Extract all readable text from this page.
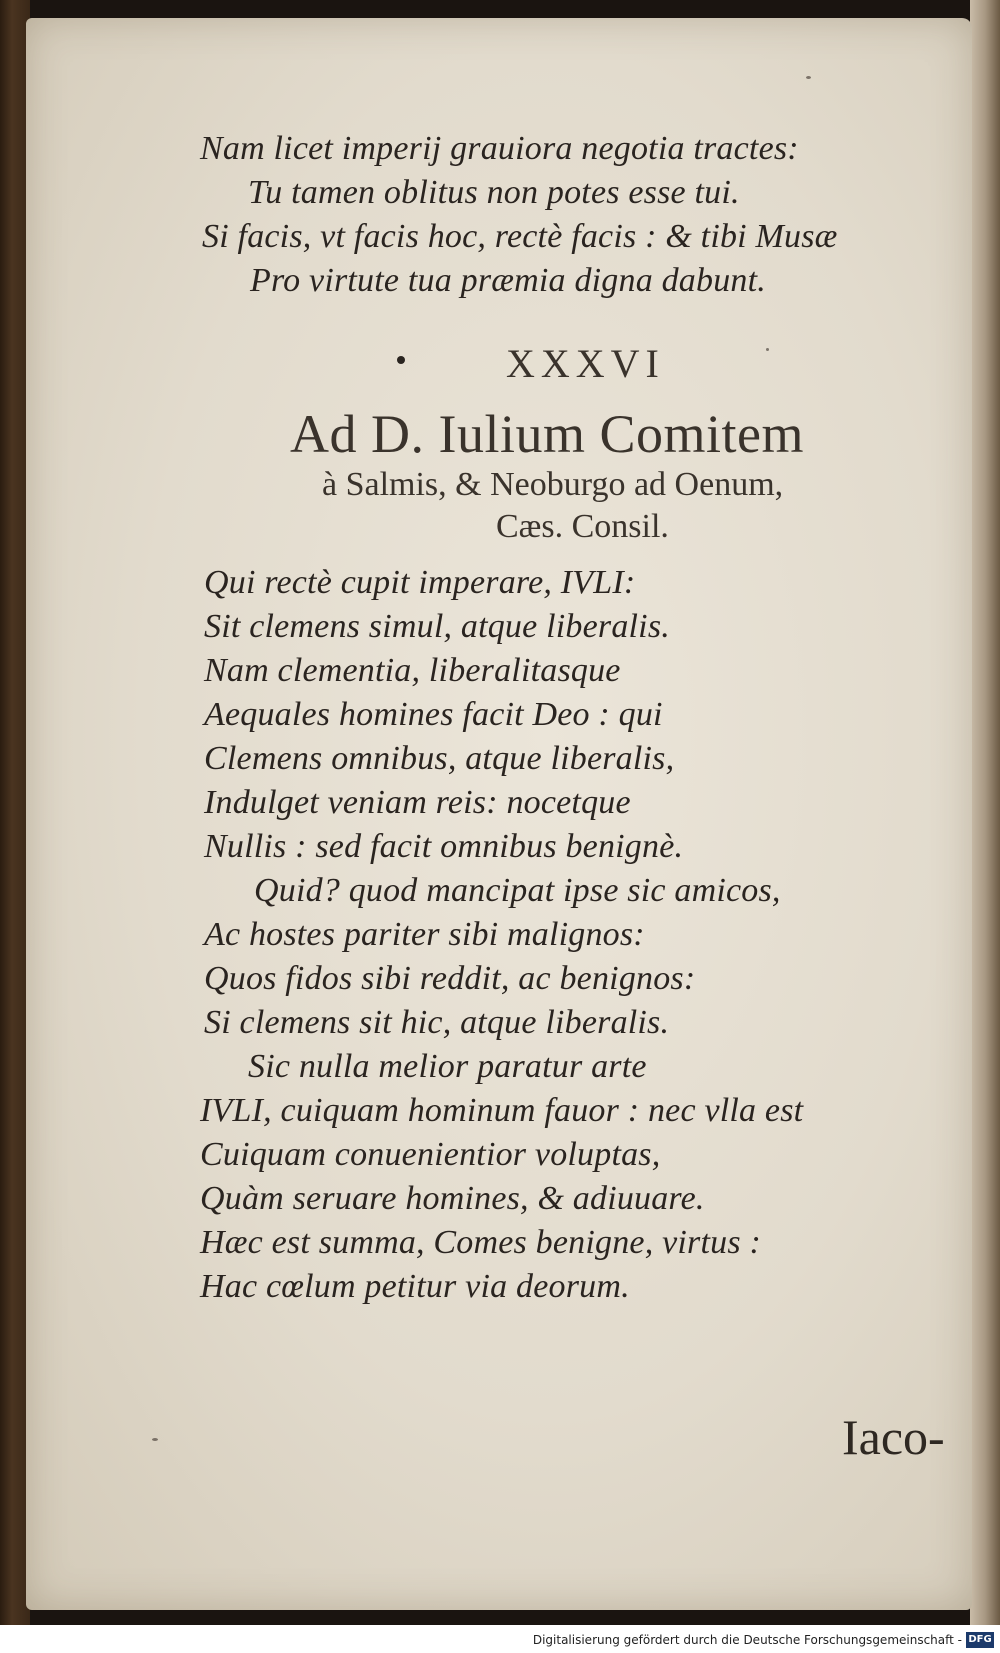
Nam licet imperij grauiora negotia tractes:
Tu tamen oblitus non potes esse tui.
Si facis, vt facis hoc, rectè facis : & tibi Musæ
Pro virtute tua præmia digna dabunt.
XXXVI
Ad D. Iulium Comitem
à Salmis, & Neoburgo ad Oenum,
Cæs. Consil.
Qui rectè cupit imperare, IVLI:
Sit clemens simul, atque liberalis.
Nam clementia, liberalitasque
Aequales homines facit Deo : qui
Clemens omnibus, atque liberalis,
Indulget veniam reis: nocetque
Nullis : sed facit omnibus benignè.
Quid? quod mancipat ipse sic amicos,
Ac hostes pariter sibi malignos:
Quos fidos sibi reddit, ac benignos:
Si clemens sit hic, atque liberalis.
Sic nulla melior paratur arte
IVLI, cuiquam hominum fauor : nec vlla est
Cuiquam conuenientior voluptas,
Quàm seruare homines, & adiuuare.
Hæc est summa, Comes benigne, virtus :
Hac cœlum petitur via deorum.
Iaco-
Digitalisierung gefördert durch die Deutsche Forschungsgemeinschaft - DFG
